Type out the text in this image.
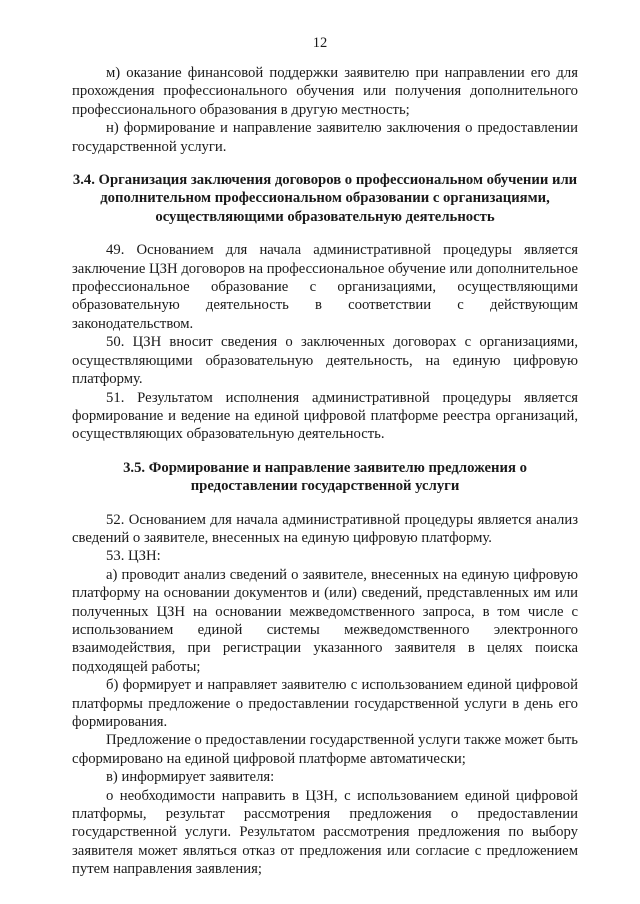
12

м) оказание финансовой поддержки заявителю при направлении его для прохождения профессионального обучения или получения дополнительного профессионального образования в другую местность;

н) формирование и направление заявителю заключения о предоставлении государственной услуги.

3.4. Организация заключения договоров о профессиональном обучении или дополнительном профессиональном образовании с организациями, осуществляющими образовательную деятельность

49. Основанием для начала административной процедуры является заключение ЦЗН договоров на профессиональное обучение или дополнительное профессиональное образование с организациями, осуществляющими образовательную деятельность в соответствии с действующим законодательством.

50. ЦЗН вносит сведения о заключенных договорах с организациями, осуществляющими образовательную деятельность, на единую цифровую платформу.

51. Результатом исполнения административной процедуры является формирование и ведение на единой цифровой платформе реестра организаций, осуществляющих образовательную деятельность.

3.5. Формирование и направление заявителю предложения о предоставлении государственной услуги

52. Основанием для начала административной процедуры является анализ сведений о заявителе, внесенных на единую цифровую платформу.

53. ЦЗН:

а) проводит анализ сведений о заявителе, внесенных на единую цифровую платформу на основании документов и (или) сведений, представленных им или полученных ЦЗН на основании межведомственного запроса, в том числе с использованием единой системы межведомственного электронного взаимодействия, при регистрации указанного заявителя в целях поиска подходящей работы;

б) формирует и направляет заявителю с использованием единой цифровой платформы предложение о предоставлении государственной услуги в день его формирования.

Предложение о предоставлении государственной услуги также может быть сформировано на единой цифровой платформе автоматически;

в) информирует заявителя:

о необходимости направить в ЦЗН, с использованием единой цифровой платформы, результат рассмотрения предложения о предоставлении государственной услуги. Результатом рассмотрения предложения по выбору заявителя может являться отказ от предложения или согласие с предложением путем направления заявления;
